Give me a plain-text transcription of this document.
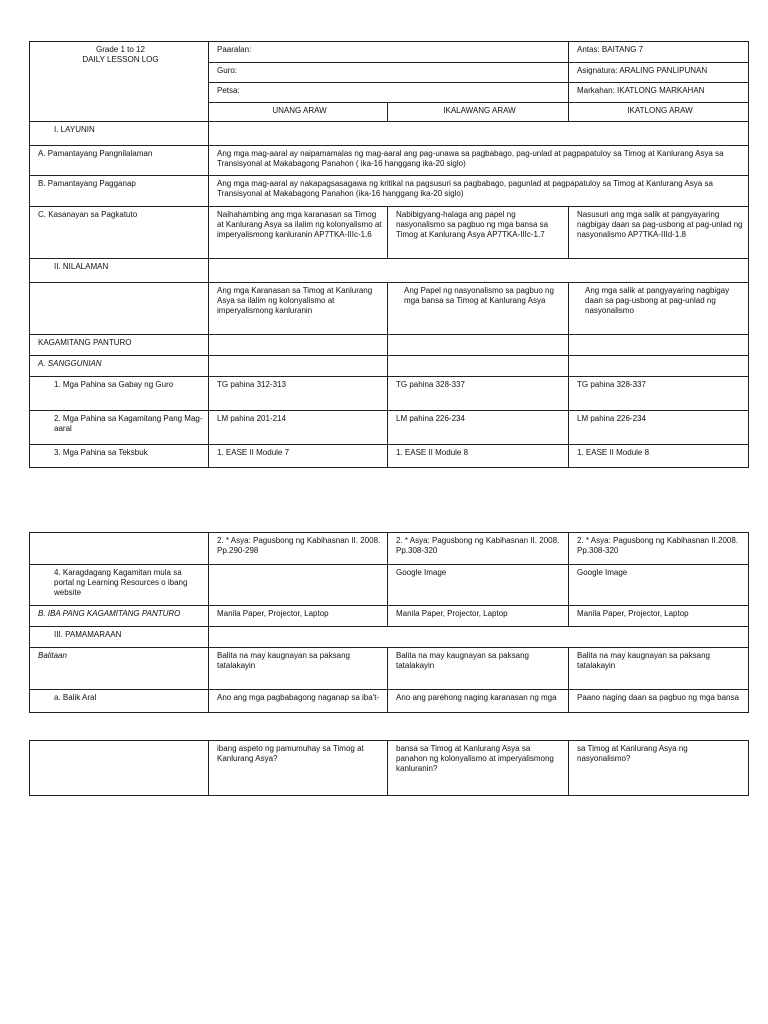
Grade 1 to 12
DAILY LESSON LOG	Paaralan:		Antas: BAITANG 7
	Guro:		Asignatura: ARALING PANLIPUNAN
	Petsa:		Markahan: IKATLONG MARKAHAN
	UNANG ARAW	IKALAWANG ARAW	IKATLONG ARAW
I. LAYUNIN			
A. Pamantayang Pangnilalaman	Ang mga mag-aaral ay naipamamalas ng mag-aaral ang pag-unawa sa pagbabago, pag-unlad at pagpapatuloy sa Timog at Kanlurang Asya sa Transisyonal at Makabagong Panahon ( ika-16 hanggang ika-20 siglo)		
B. Pamantayang Pagganap	Ang mga mag-aaral ay nakapagsasagawa ng kritikal na pagsusuri sa pagbabago, pagunlad at pagpapatuloy sa Timog at Kanlurang Asya sa Transisyonal at Makabagong Panahon (ika-16 hanggang ika-20 siglo)		
C. Kasanayan sa Pagkatuto	Naihahambing ang mga karanasan sa Timog at Kanlurang Asya sa ilalim ng kolonyalismo at imperyalismong kanluranin AP7TKA-IIIc-1.6	Nabibigyang-halaga ang papel ng nasyonalismo sa pagbuo ng mga bansa sa Timog at Kanlurang Asya AP7TKA-IIIc-1.7	Nasusuri ang mga salik at pangyayaring nagbigay daan sa pag-usbong at pag-unlad ng nasyonalismo AP7TKA-IIId-1.8
II. NILALAMAN			
	Ang mga Karanasan sa Timog at Kanlurang Asya sa ilalim ng kolonyalismo at imperyalismong kanluranin	Ang Papel ng nasyonalismo sa pagbuo ng mga bansa sa Timog at Kanlurang Asya	Ang mga salik at pangyayaring nagbigay daan sa pag-usbong at pag-unlad ng nasyonalismo
KAGAMITANG PANTURO			
A. SANGGUNIAN			
1. Mga Pahina sa Gabay ng Guro	TG pahina 312-313	TG pahina 328-337	TG pahina 328-337
2. Mga Pahina sa Kagamitang Pang Mag-aaral	LM pahina 201-214	LM pahina 226-234	LM pahina 226-234
3. Mga Pahina sa Teksbuk	1. EASE II Module 7	1. EASE II Module 8	1. EASE II Module 8
	2. * Asya: Pagusbong ng Kabihasnan II. 2008. Pp.290-298	2. * Asya: Pagusbong ng Kabihasnan II. 2008. Pp.308-320	2. * Asya: Pagusbong ng Kabihasnan II.2008. Pp.308-320
4. Karagdagang Kagamitan mula sa portal ng Learning Resources o ibang website		Google Image	Google Image
B. IBA PANG KAGAMITANG PANTURO	Manila Paper, Projector, Laptop	Manila Paper, Projector, Laptop	Manila Paper, Projector, Laptop
III. PAMAMARAAN			
Balitaan	Balita na may kaugnayan sa paksang tatalakayin	Balita na may kaugnayan sa paksang tatalakayin	Balita na may kaugnayan sa paksang tatalakayin
a. Balik Aral	Ano ang mga pagbabagong naganap sa iba't-	Ano ang parehong naging karanasan ng mga	Paano naging daan sa pagbuo ng mga bansa
	ibang aspeto ng pamumuhay sa Timog at Kanlurang Asya?	bansa sa Timog at Kanlurang Asya sa panahon ng kolonyalismo at imperyalismong kanluranin?	sa Timog at Kanlurang Asya ng nasyonalismo?
